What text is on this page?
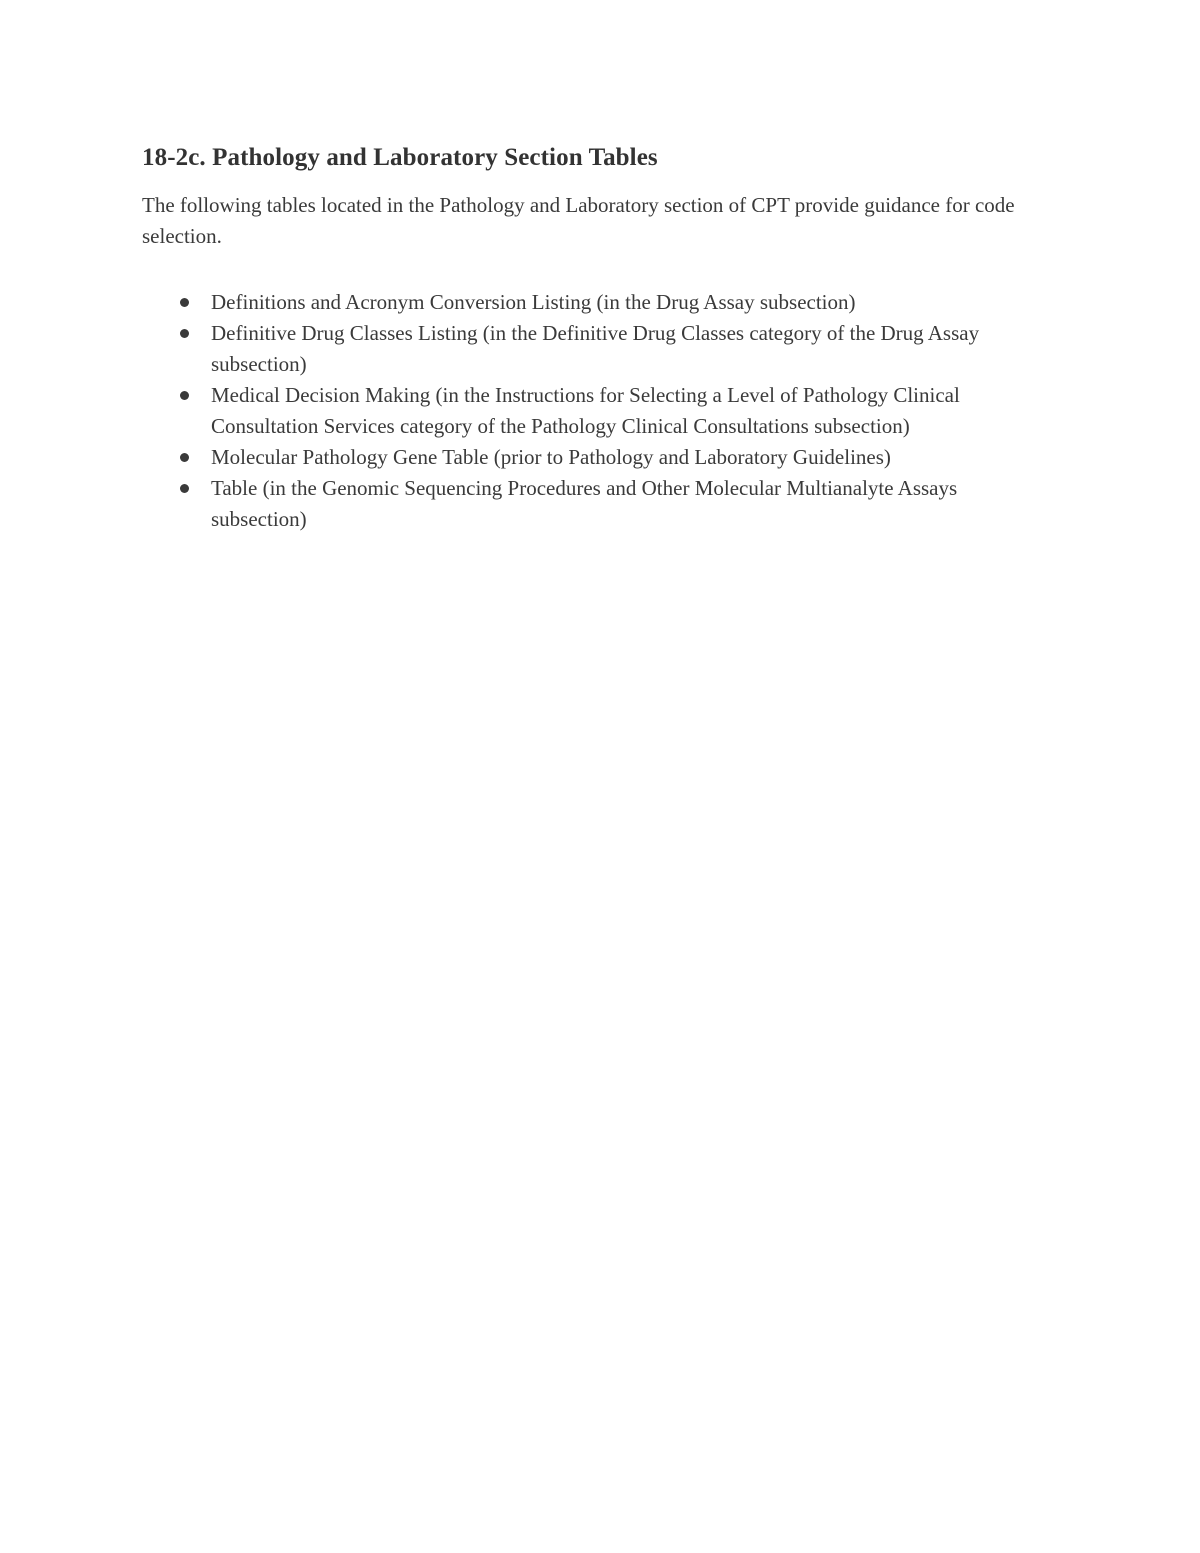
18-2c. Pathology and Laboratory Section Tables

The following tables located in the Pathology and Laboratory section of CPT provide guidance for code selection.

Definitions and Acronym Conversion Listing (in the Drug Assay subsection)
Definitive Drug Classes Listing (in the Definitive Drug Classes category of the Drug Assay subsection)
Medical Decision Making (in the Instructions for Selecting a Level of Pathology Clinical Consultation Services category of the Pathology Clinical Consultations subsection)
Molecular Pathology Gene Table (prior to Pathology and Laboratory Guidelines)
Table (in the Genomic Sequencing Procedures and Other Molecular Multianalyte Assays subsection)
